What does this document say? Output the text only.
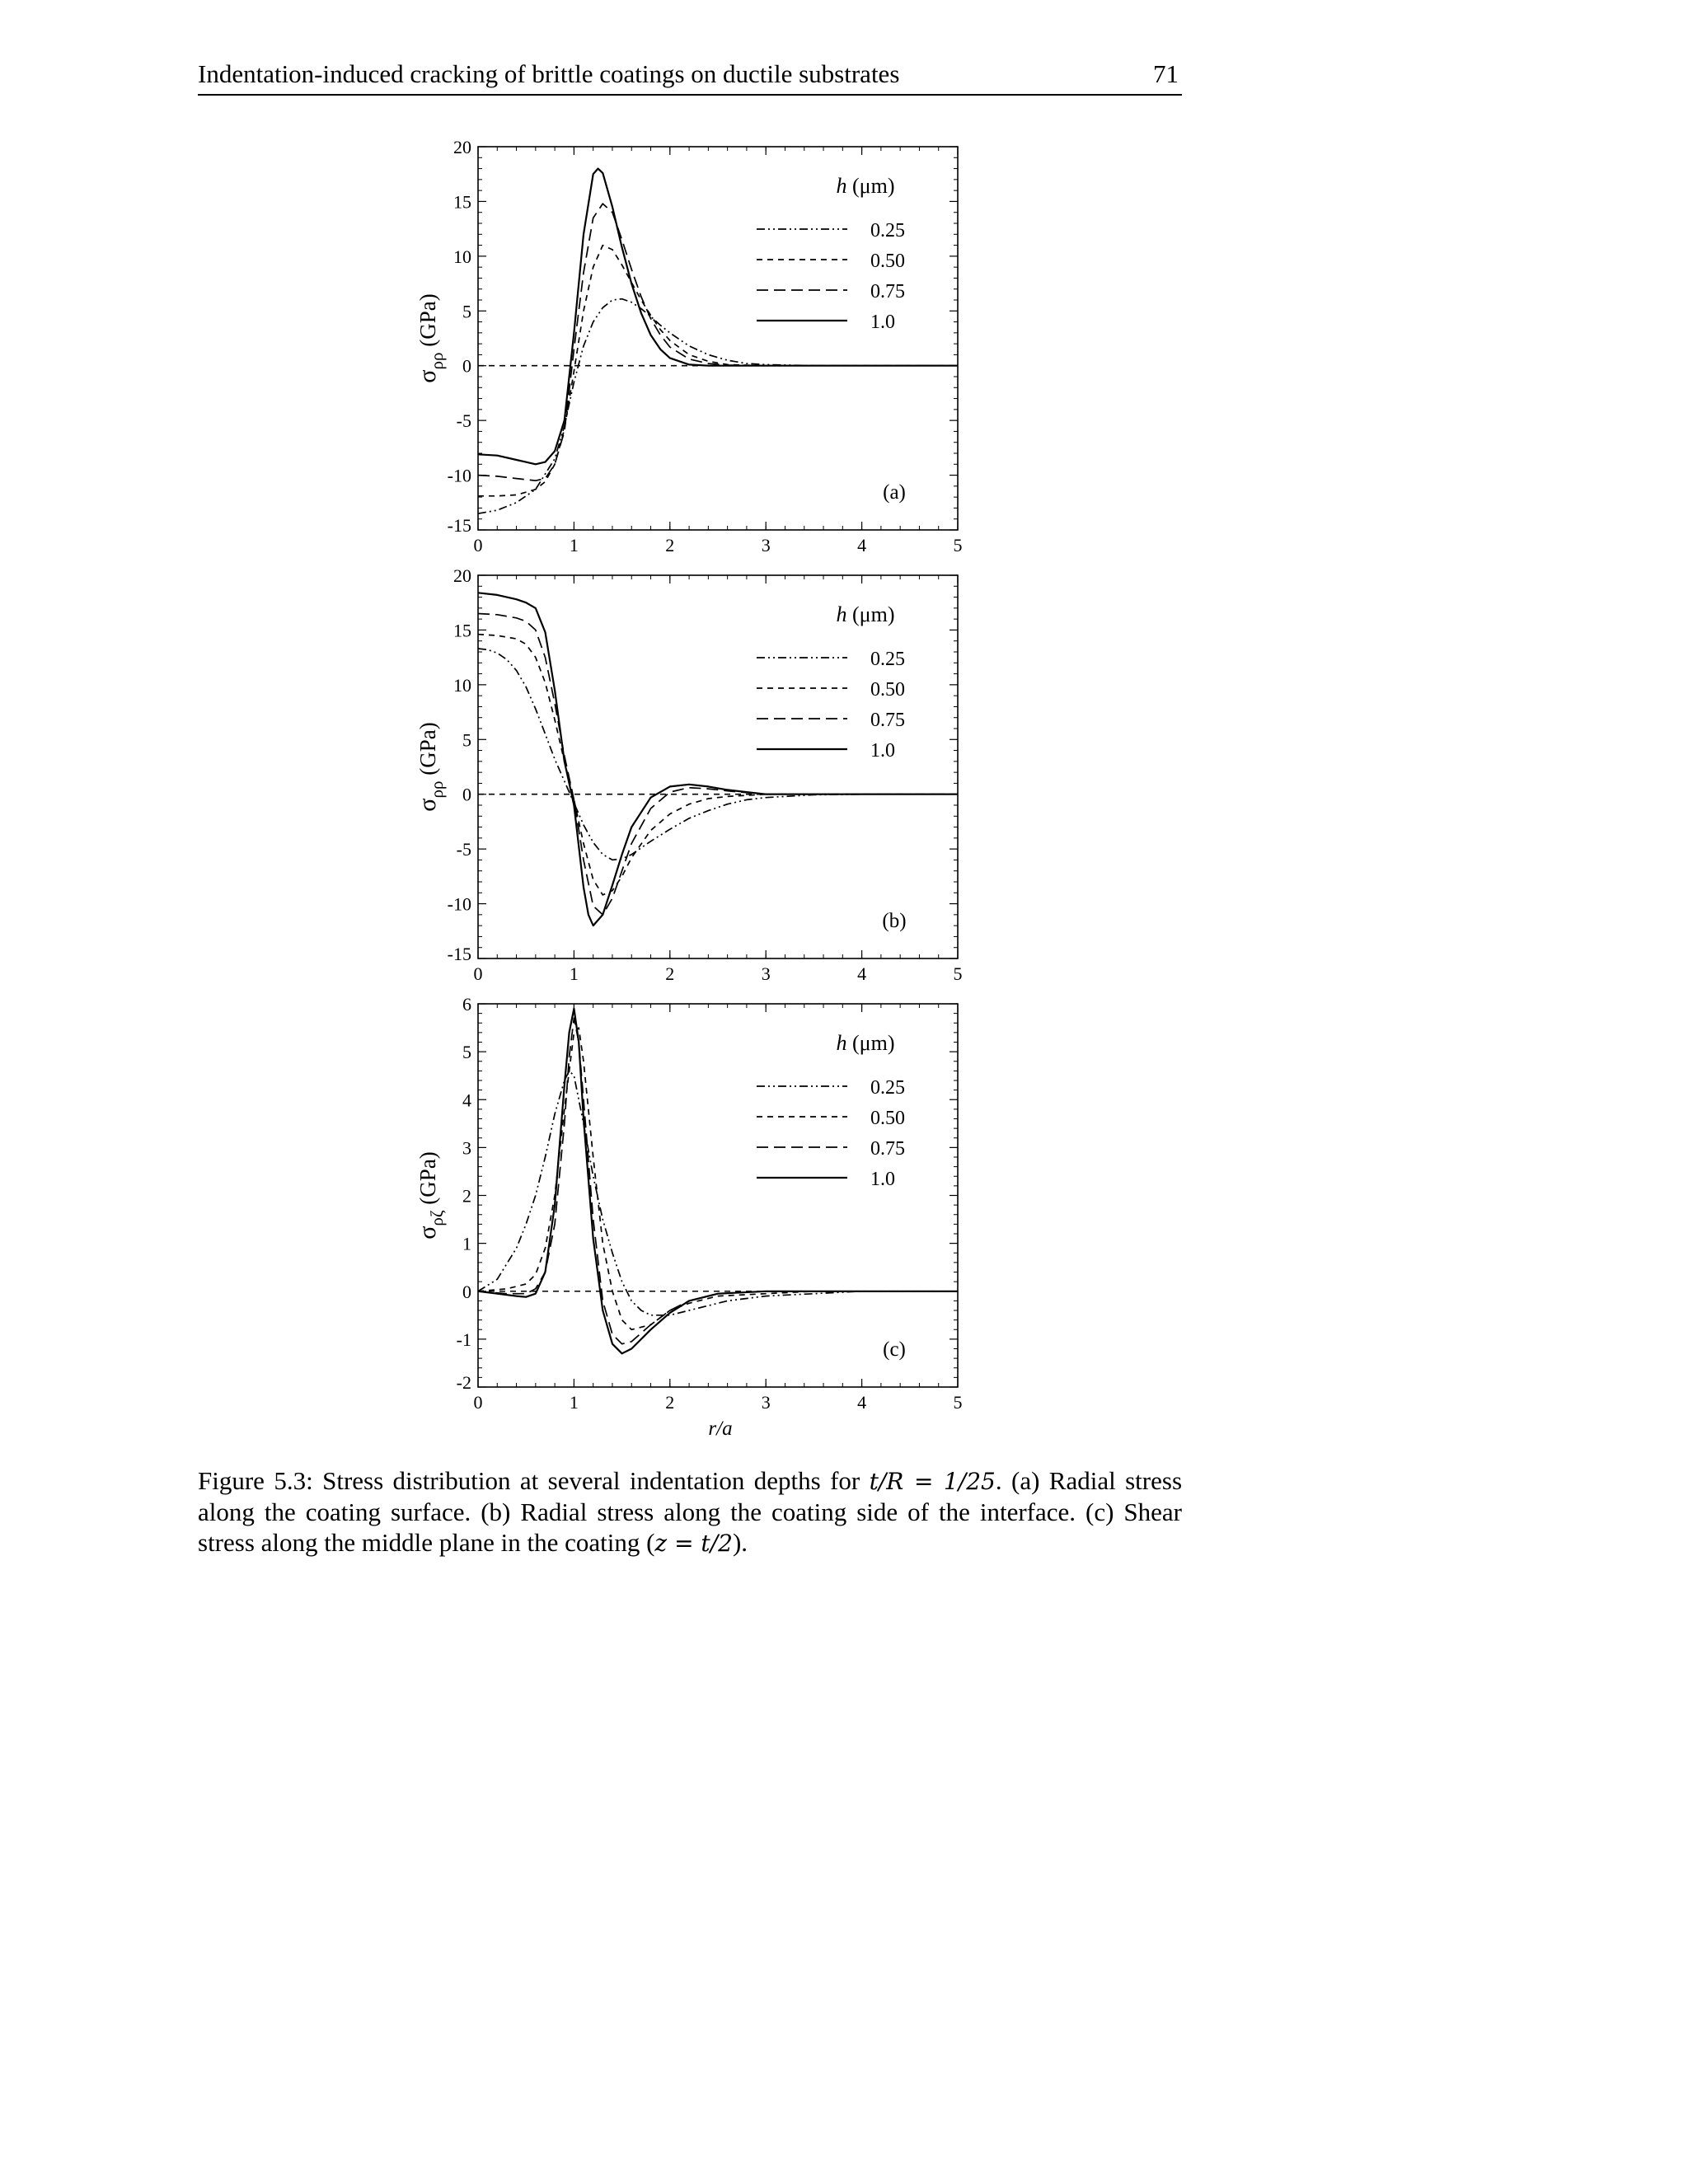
Indentation-induced cracking of brittle coatings on ductile substrates	71
0	1	2	3	4	5
-15
-10
-5
0
5
10
15
20
$\sigma_{\rho\rho}$ (GPa)
h (μm)
0.25
0.50
0.75
1.0
(a)
0	1	2	3	4	5
-15
-10
-5
0
5
10
15
20
$\sigma_{\rho\rho}$ (GPa)
h (μm)
0.25
0.50
0.75
1.0
(b)
0	1	2	3	4	5
-2
-1
0
1
2
3
4
5
6
$\sigma_{\rho\zeta}$ (GPa)
r/a
h (μm)
0.25
0.50
0.75
1.0
(c)
Figure 5.3: Stress distribution at several indentation depths for t/R = 1/25. (a) Radial stress along the coating surface. (b) Radial stress along the coating side of the interface. (c) Shear stress along the middle plane in the coating (z = t/2).
